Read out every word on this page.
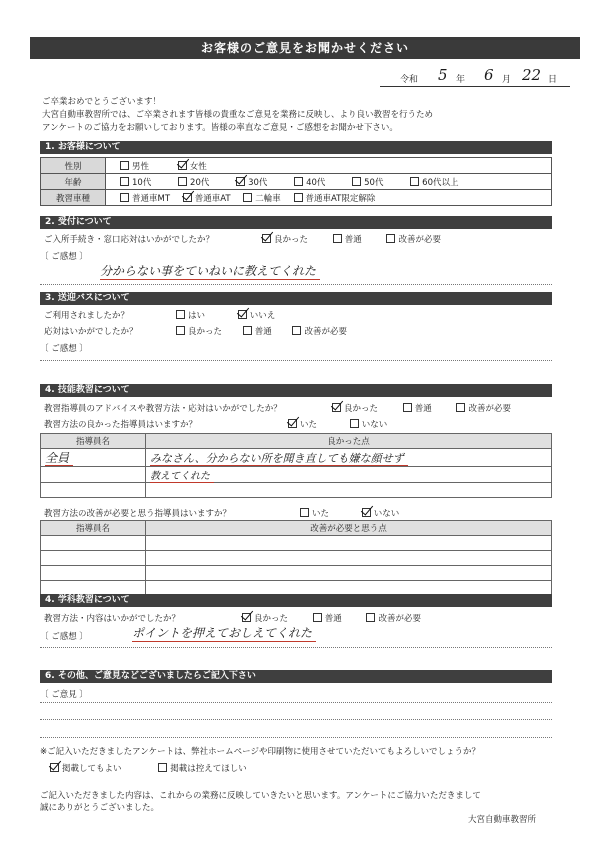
お客様のご意見をお聞かせください
令和 5 年 6 月 22 日
ご卒業おめでとうございます！
大宮自動車教習所では、ご卒業されます皆様の貴重なご意見を業務に反映し、より良い教習を行うため
アンケートのご協力をお願いしております。皆様の率直なご意見・ご感想をお聞かせ下さい。
1. お客様について
性別	男性 女性
年齢	10代 20代 30代 40代 50代 60代以上
教習車種	普通車MT 普通車AT 二輪車 普通車AT限定解除
2. 受付について
ご入所手続き・窓口応対はいかがでしたか？	良かった	普通	改善が必要
〔 ご感想 〕
分からない事をていねいに教えてくれた
3. 送迎バスについて
ご利用されましたか？	はい	いいえ
応対はいかがでしたか？	良かった	普通	改善が必要
〔 ご感想 〕
4. 技能教習について
教習指導員のアドバイスや教習方法・応対はいかがでしたか？	良かった	普通	改善が必要
教習方法の良かった指導員はいますか？	いた	いない
指導員名	良かった点
全員	みなさん、分からない所を聞き直しても嫌な顔せず
	教えてくれた

教習方法の改善が必要と思う指導員はいますか？	いた	いない
指導員名	改善が必要と思う点

4. 学科教習について
教習方法・内容はいかがでしたか？	良かった	普通	改善が必要
〔 ご感想 〕	ポイントを押えておしえてくれた
6. その他、ご意見などございましたらご記入下さい
〔 ご意見 〕
※ご記入いただきましたアンケートは、弊社ホームページや印刷物に使用させていただいてもよろしいでしょうか？
掲載してもよい	掲載は控えてほしい
ご記入いただきました内容は、これからの業務に反映していきたいと思います。アンケートにご協力いただきまして
誠にありがとうございました。
大宮自動車教習所
